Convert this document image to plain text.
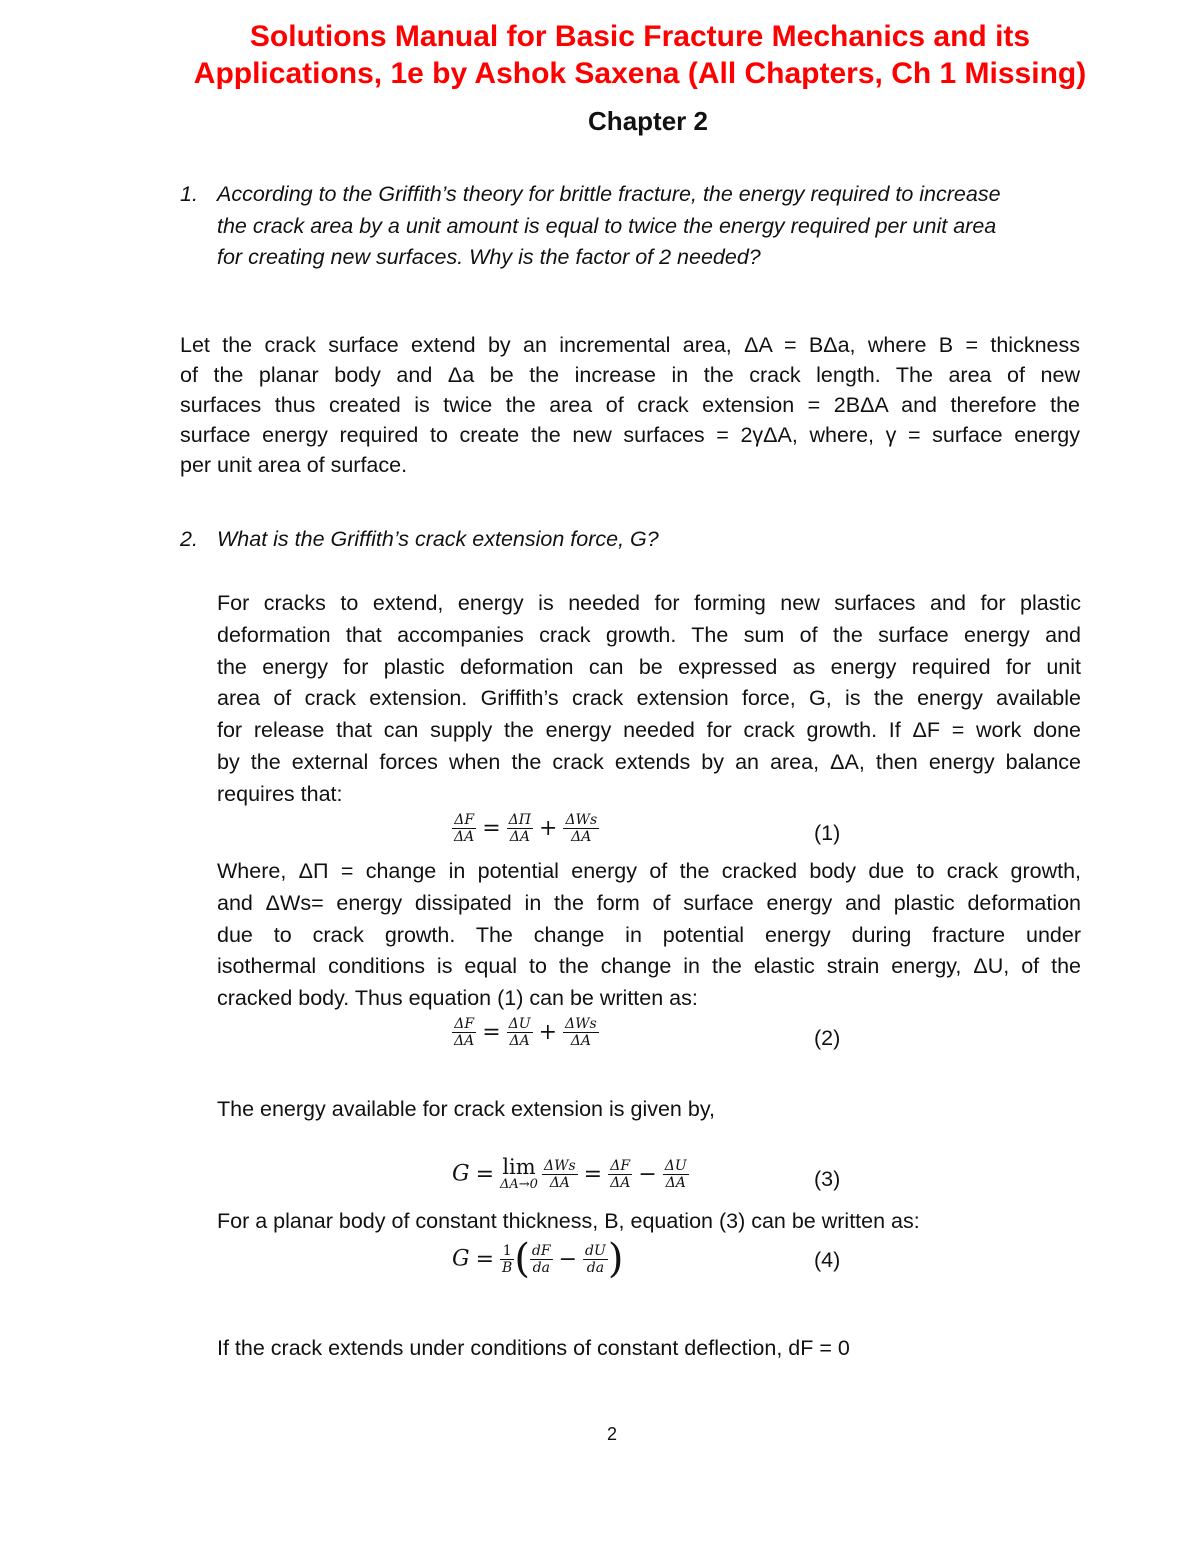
Solutions Manual for Basic Fracture Mechanics and its
Applications, 1e by Ashok Saxena (All Chapters, Ch 1 Missing)
Chapter 2
1. According to the Griffith’s theory for brittle fracture, the energy required to increase
the crack area by a unit amount is equal to twice the energy required per unit area
for creating new surfaces. Why is the factor of 2 needed?
Let the crack surface extend by an incremental area, ΔA = BΔa, where B = thickness
of the planar body and Δa be the increase in the crack length. The area of new
surfaces thus created is twice the area of crack extension = 2BΔA and therefore the
surface energy required to create the new surfaces = 2γΔA, where, γ = surface energy
per unit area of surface.
2. What is the Griffith’s crack extension force, G?
For cracks to extend, energy is needed for forming new surfaces and for plastic
deformation that accompanies crack growth. The sum of the surface energy and
the energy for plastic deformation can be expressed as energy required for unit
area of crack extension. Griffith’s crack extension force, G, is the energy available
for release that can supply the energy needed for crack growth. If ΔF = work done
by the external forces when the crack extends by an area, ΔA, then energy balance
requires that:
$\frac{\Delta F}{\Delta A} = \frac{\Delta\Pi}{\Delta A} + \frac{\text{ΔWs}}{\Delta A}$	(1)
Where, ΔΠ = change in potential energy of the cracked body due to crack growth,
and ΔWs= energy dissipated in the form of surface energy and plastic deformation
due to crack growth. The change in potential energy during fracture under
isothermal conditions is equal to the change in the elastic strain energy, ΔU, of the
cracked body. Thus equation (1) can be written as:
$\frac{\Delta F}{\Delta A} = \frac{\Delta U}{\Delta A} + \frac{\text{ΔWs}}{\Delta A}$	(2)
The energy available for crack extension is given by,
G = lim
$\Delta A\to 0 \frac{\text{ΔWs}}{\Delta A} = \frac{\Delta F}{\Delta A} - \frac{\Delta U}{\Delta A}$	(3)
For a planar body of constant thickness, B, equation (3) can be written as:
$G = \frac{1}{B}$ ( $\frac{dF}{da} - \frac{dU}{da}$ )	(4)
If the crack extends under conditions of constant deflection, dF = 0
2
